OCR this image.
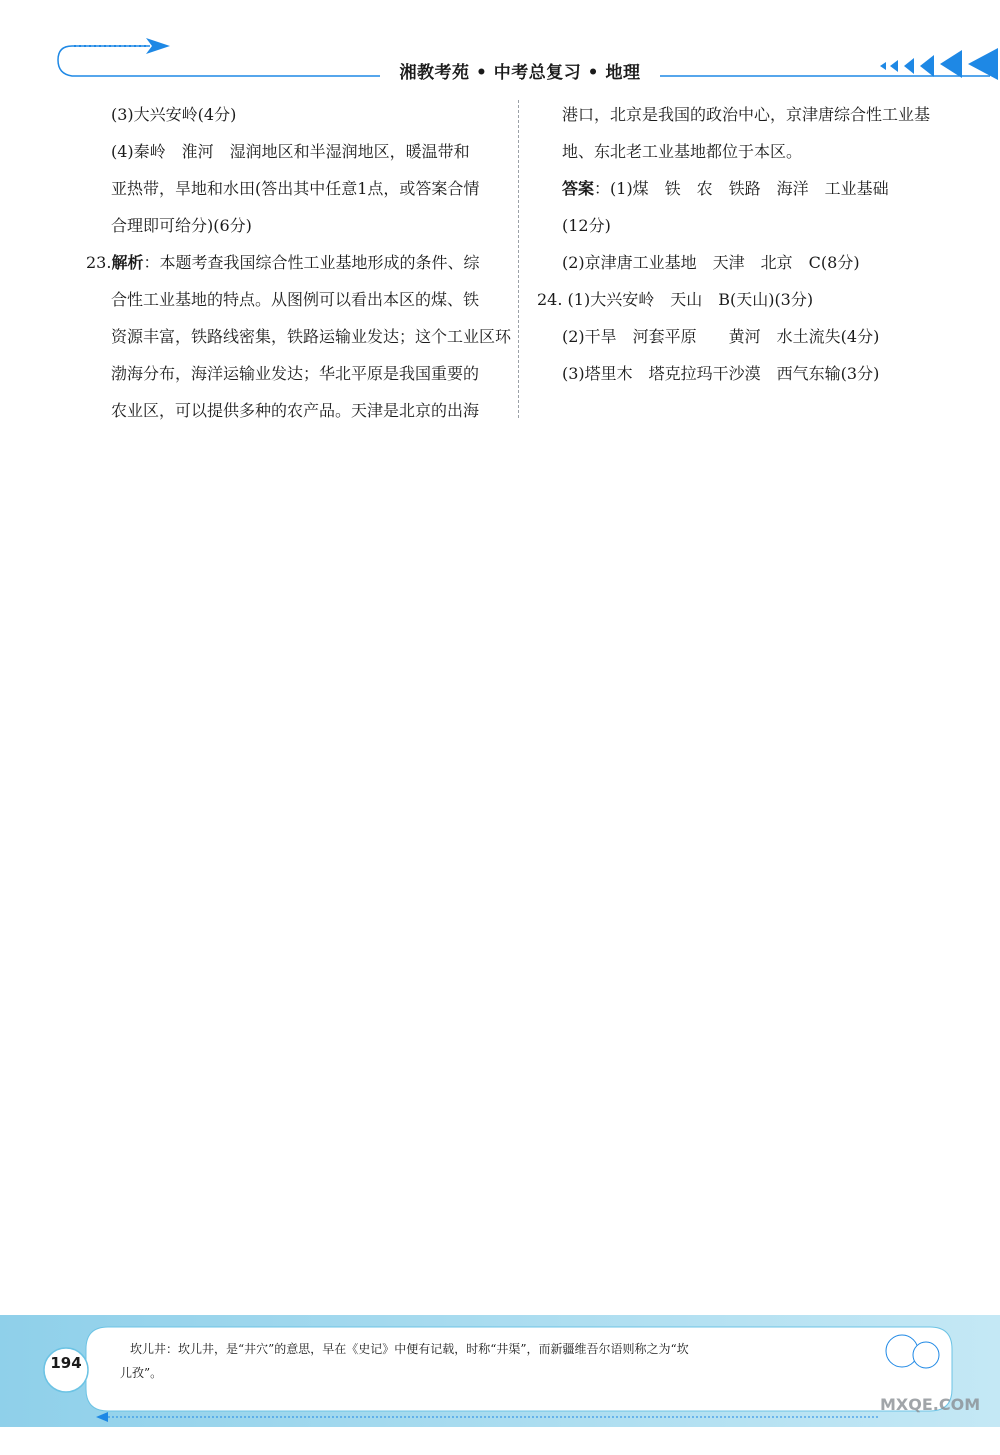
湘教考苑 • 中考总复习 • 地理
(3)大兴安岭(4分)
(4)秦岭　淮河　湿润地区和半湿润地区，暖温带和
亚热带，旱地和水田(答出其中任意1点，或答案合情
合理即可给分)(6分)
23.解析：本题考查我国综合性工业基地形成的条件、综
合性工业基地的特点。从图例可以看出本区的煤、铁
资源丰富，铁路线密集，铁路运输业发达；这个工业区环
渤海分布，海洋运输业发达；华北平原是我国重要的
农业区，可以提供多种的农产品。天津是北京的出海
港口，北京是我国的政治中心，京津唐综合性工业基
地、东北老工业基地都位于本区。
答案：(1)煤　铁　农　铁路　海洋　工业基础
(12分)
(2)京津唐工业基地　天津　北京　C(8分)
24. (1)大兴安岭　天山　B(天山)(3分)
(2)干旱　河套平原　　黄河　水土流失(4分)
(3)塔里木　塔克拉玛干沙漠　西气东输(3分)
194
坎儿井：坎儿井，是“井穴”的意思，早在《史记》中便有记载，时称“井渠”，而新疆维吾尔语则称之为“坎
儿孜”。
MXQE.COM
